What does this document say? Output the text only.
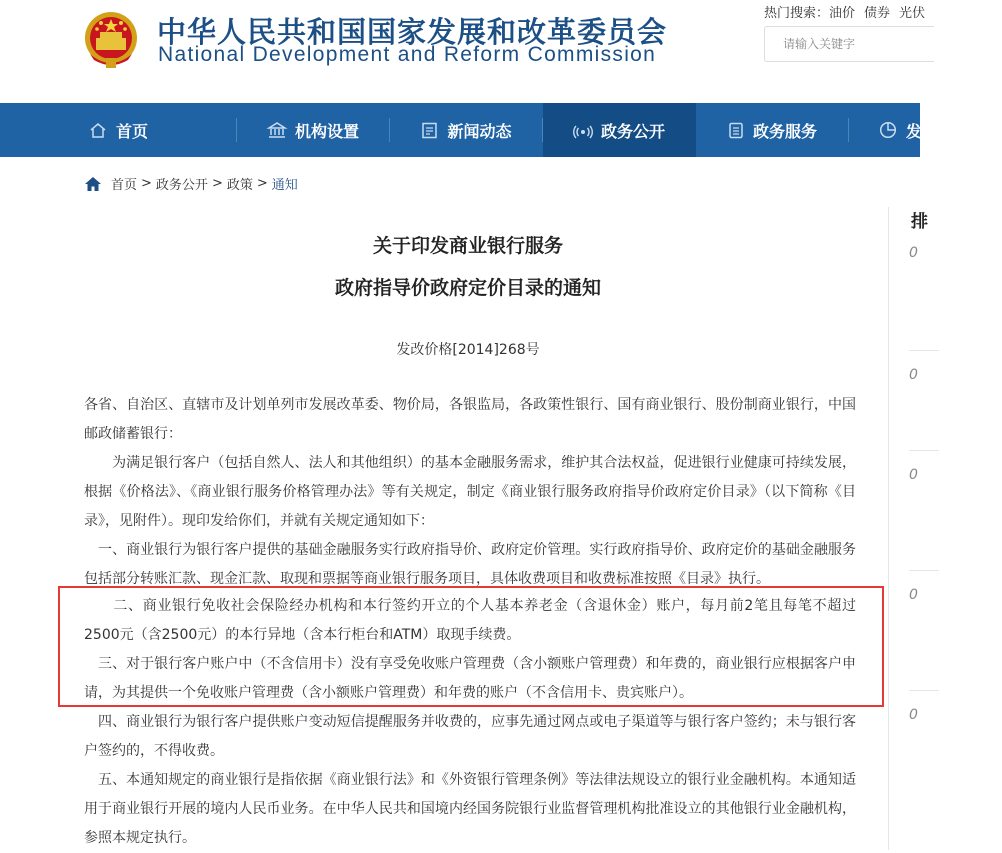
中华人民共和国国家发展和改革委员会
National Development and Reform Commission
热门搜索：油价 债券 光伏
请输入关键字
首页	机构设置	新闻动态	政务公开	政务服务	发
首页 > 政务公开 > 政策 > 通知
关于印发商业银行服务
政府指导价政府定价目录的通知
发改价格[2014]268号

各省、自治区、直辖市及计划单列市发展改革委、物价局，各银监局，各政策性银行、国有商业银行、股份制商业银行，中国邮政储蓄银行：

　　为满足银行客户（包括自然人、法人和其他组织）的基本金融服务需求，维护其合法权益，促进银行业健康可持续发展，根据《价格法》、《商业银行服务价格管理办法》等有关规定，制定《商业银行服务政府指导价政府定价目录》（以下简称《目录》，见附件）。现印发给你们，并就有关规定通知如下：

　一、商业银行为银行客户提供的基础金融服务实行政府指导价、政府定价管理。实行政府指导价、政府定价的基础金融服务包括部分转账汇款、现金汇款、取现和票据等商业银行服务项目，具体收费项目和收费标准按照《目录》执行。

　　二、商业银行免收社会保险经办机构和本行签约开立的个人基本养老金（含退休金）账户，每月前2笔且每笔不超过2500元（含2500元）的本行异地（含本行柜台和ATM）取现手续费。

　三、对于银行客户账户中（不含信用卡）没有享受免收账户管理费（含小额账户管理费）和年费的，商业银行应根据客户申请，为其提供一个免收账户管理费（含小额账户管理费）和年费的账户（不含信用卡、贵宾账户）。

　四、商业银行为银行客户提供账户变动短信提醒服务并收费的，应事先通过网点或电子渠道等与银行客户签约；未与银行客户签约的，不得收费。

　五、本通知规定的商业银行是指依据《商业银行法》和《外资银行管理条例》等法律法规设立的银行业金融机构。本通知适用于商业银行开展的境内人民币业务。在中华人民共和国境内经国务院银行业监督管理机构批准设立的其他银行业金融机构，参照本规定执行。

排
0
0
0
0
0
